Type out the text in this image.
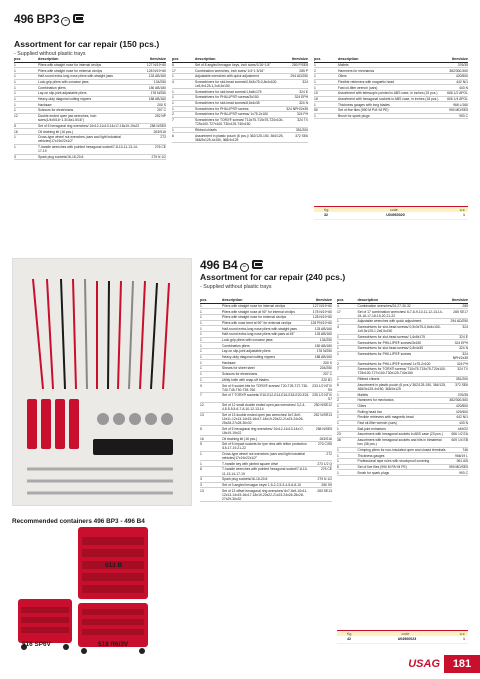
496 BP3 −
Assortment for car repair (150 pcs.)
- Supplied without plastic trays
pcs	description	Item/size
1	Pliers with straight nose for internal circlips	127 N/19÷60
1	Pliers with straight nose for external circlips	128 N/19÷60
1	Half-round extra-long nose pliers with straight jaws	133 AB/160
1	Lock-grip pliers with concave jaws	134/250
1	Combination pliers	150 AB/180
1	Lay-on slip-joint adjustable pliers	178 N/250
1	Heavy-duty diagonal cutting nippers	188 AB/160
1	Hacksaw	200 S
1	Scissors for electricians	207 C
12	Double ended open jaw wrenches, inch sizes(1/4x5/16÷1.3/16x1.5/16")	252 NP
5	Set of 5 hexagonal ring wrenches/ 10x12-11x13-14x17-18x19-19x22	258 N/SE5
16	Oil draining kit (16 pcs.)	263/S16
1	Cross-type wheel nut wrenches (cars and light industrial vehicles)17x19x22x1/2"	272
1	T-handle wrenches with pointed hexagonal socket/7-8-10-11-13-14-17-19	276 CE
3	Spark plug sockets/16-18-20.8	279 N 1/2
pcs	description	Item/size
8	Set of 8 angled hexagon keys, inch sizes/1/16÷1/4"	280 P/SE8
17	Combination wrenches, inch sizes/ 1/4÷1 5/16"	285 P
1	Adjustable wrenches with quick adjustment	294 AD/250
4	Screwdrivers for slot-head screws/0,5x3x75-0,8x4x100-1x5,5x125-1,2x6,5x150	324
1	Screwdrivers for slot-head screws/1,6x8x175	324 E
1	Screwdrivers for PHILLIPS® screws/3x150	324 EPH
1	Screwdrivers for slot-head screws/8,6x4x35	324 N
1	Screwdrivers for PHILLIPS® screws	324 NPH/2x35
2	Screwdrivers for PHILLIPS® screws/ 1x75-2x100	324 PH
7	Screwdrivers for TORX® screws/ T10x75-T15x75-T20x100-T25x100-T27x100-T30x125-T40x150	324 TX
1	Ribbed chisels	351/200
6	Assortment in plastic pouch (6 pcs.)/ 362/125-150, 364/125, 366/3x125-4x150, 368/4x125	372 SE6
pcs	description	Item/size
1	Mallets	376/35
2	Hammers for mechanics	382/300-500
1	Oilers	420/500
1	Flexible retrievers with magnetic head	442 N/1
1	Fast oil-filter wrench (cars)	443 N
10	Assortment with telescopic pointed in ABS case, in inches (15 pcs.)	606 1/2 APOL
18	Assortment with hexagonal sockets in ABS case, in inches (18 pcs.)	606 1/4 APOL
1	Thickness gauges with long blades	966 L/160
50	Set of five files (990 M P/A÷M PE)	990 MD/SE5
1	Brush for spark plugs	993 C
Kg	code	◆◆
32	U04960020	1
496 B4 −
Assortment for car repair (240 pcs.)
- Supplied without plastic trays
Recommended containers 496 BP3 - 496 B4
513 B
516 SP6V	519 R6/3V
pcs	description	Item/size
1	Pliers with straight nose for internal circlips	127 N/19÷60
1	Pliers with straight nose at 90° for internal circlips	178 N/19÷60
1	Pliers with straight nose for external circlips	128 N/19÷60
1	Pliers with nose bent at 90° for external circlips	128 PN/19÷60
1	Half-round extra-long nose pliers with straight jaws	133 AB/160
1	Half-round extra-long nose pliers with jaws at 45°	133 AB/160
1	Lock-grip pliers with concave jaws	134/250
1	Combination pliers	150 AB/180
1	Lay-on slip-joint adjustable pliers	178 N/250
1	Heavy-duty diagonal cutting nippers	188 AB/160
1	Hacksaw	200 S
1	Shears for sheet steel	204/250
1	Scissors for electricians	207 C
1	Utility knife with snap-off blades	220 B1
9	Set of 9 socket bits for TORX® screws/ T20-T25-T27-T30-T40-T45-T50-T55-T60	233 1/2 NTX/ S9
7	Set of 7 TORX® sockets/ E10-E12-E14-E16-E18-E20-E24	235 1/2 NTX/ S7
12	Set of 12 small double ended open jaw wrenches/ 3,2-4-4,5-5-5,5-6-7-8-10-12-13-14	250 N/SE12
13	Set of 13 double ended open jaw wrenches/ 6x7-8x9-10x11-12x13-14x15-16x17-18x19-20x22-21x23-24x26-25x28-27x28-30x32	252 N/SR13
5	Set of 5 hexagonal ring wrenches/ 10x12-11x13-14x17-18x19-19x22	258 N/SE5
16	Oil draining kit (16 pcs.)	263/S16
5	Set of 5 impact sockets for tyre rims with teflon protection /15-17-19-21-22	270 C/S5
1	Cross-type wheel nut wrenches (cars and light industrial vehicles)17x19x22x1/2"	272
1	T-handle key with jointed square drive	273 1/2 Q
8	T-handle wrenches with pointed hexagonal socket/7-8-10-11-13-14-17-19	276 CE
3	Spark plug sockets/16-18-20.8	279 N 1/2
3	Set of 3 angled hexagon keys/ 1,5-2-2,5-3-4-5-6-8-10	280 S9
13	Set of 13 offset hexagonal ring wrenches/ 6x7-8x9-10x11-12x13-14x15-16x17-18x19-20x22-21x23-24x26-25x28-27x29-30x32	283 SE13
pcs	description	Item/size
4	Combination wrenches/24-27-30-32	285
17	Set of 17 combination wrenches/ 6-7-8-9-10-11-12-13-14-15-16-17-18-19-20-21-22	285 SE17
1	Adjustable wrenches with quick adjustment	294 AD/250
4	Screwdrivers for slot-head screws/ 0,5x3x75-0,8x4x100-1x5,5x125-1,2x6,5x150	324
1	Screwdrivers for slot-head screws/ 1,6x8x175	324 E
1	Screwdrivers for PHILLIPS® screws/3x150	324 EPH
1	Screwdrivers for slot-head screws/ 0,8x4x35	324 N
1	Screwdrivers for PHILLIPS® screws	324 NPH/2x35
2	Screwdrivers for PHILLIPS® screws/ 1x75-2x100	324 PH
7	Screwdrivers for TORX® screws/ T10x75-T15x75-T20x100-T25x100-T27x100-T30x125-T40x150	324 TX
1	Ribbed chisels	351/200
6	Assortment in plastic pouch (6 pcs.)/ 362/125-150, 364/125, 366/3x125-4x150, 368/4x125	372 SE6
1	Mallets	376/35
2	Hammers for mechanics	382/300-500
1	Oilers	420/500
1	Rolling head bar	429/400
1	Flexible retrievers with magnetic head	442 N/1
1	Fast oil-filter wrench (cars)	443 N
1	Ball-joint extractors	449/22
23	Assortment with hexagonal sockets in ABS case (23 pcs.)	606 1/2 EA
38	Assortment with hexagonal sockets and bits in bimaterial box (38 pcs.)	609 1/4 EB
1	Crimping pliers for non-insulated open and closed terminals	746
1	Thickness gauges	966/19 L
1	Professional tape rules with shockproof covering	961 A/5
5	Set of five files (990 M PA÷M PE)	990 MD/SE5
1	Brush for spark plugs	993 C
Kg	code	◆◆
42	U04960023	1
USAG	181
